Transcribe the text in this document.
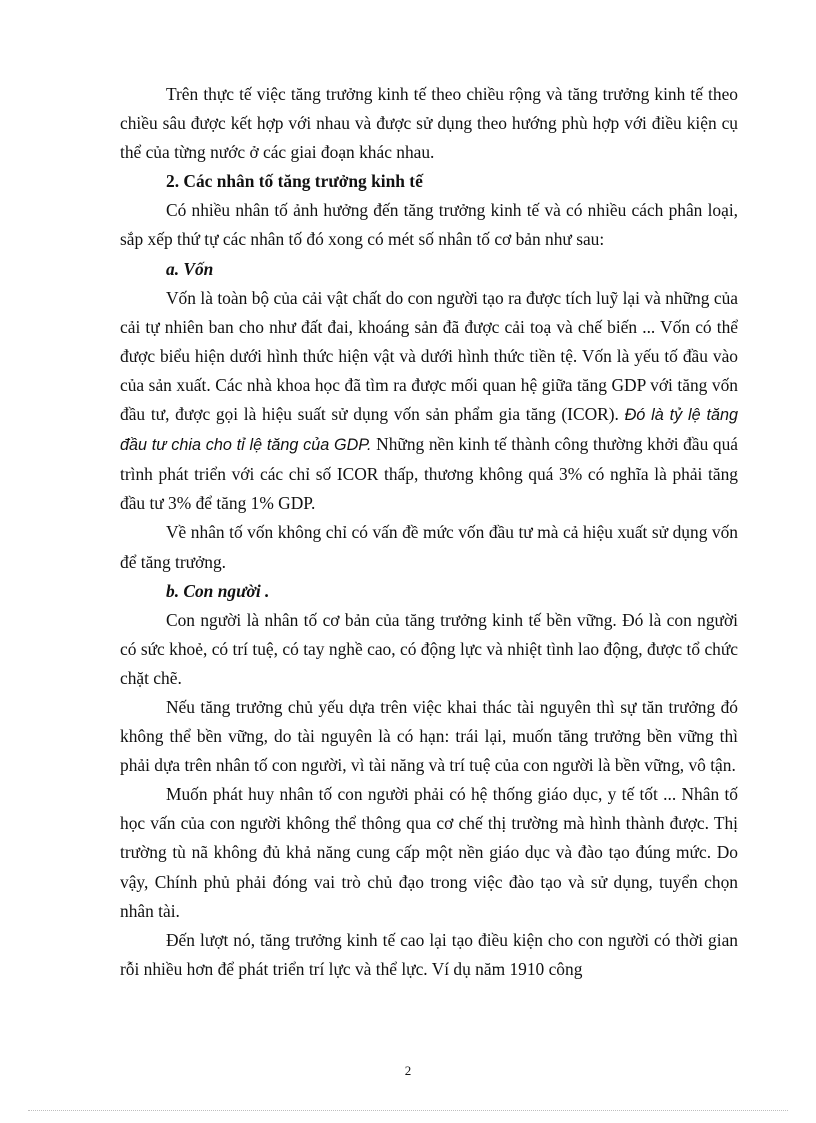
Trên thực tế việc tăng trưởng kinh tế theo chiều rộng và tăng trưởng kinh tế theo chiều sâu được kết hợp với nhau và được sử dụng theo hướng phù hợp với điều kiện cụ thể của từng nước ở các giai đoạn khác nhau.

2. Các nhân tố tăng trưởng kinh tế

Có nhiều nhân tố ảnh hưởng đến tăng trưởng kinh tế và có nhiều cách phân loại, sắp xếp thứ tự các nhân tố đó xong có mét số nhân tố cơ bản như sau:

a. Vốn

Vốn là toàn bộ của cải vật chất do con người tạo ra được tích luỹ lại và những của cải tự nhiên ban cho như đất đai, khoáng sản đã được cải toạ và chế biến ... Vốn có thể được biểu hiện dưới hình thức hiện vật và dưới hình thức tiền tệ. Vốn là yếu tố đầu vào của sản xuất. Các nhà khoa học đã tìm ra được mối quan hệ giữa tăng GDP với tăng vốn đầu tư, được gọi là hiệu suất sử dụng vốn sản phẩm gia tăng (ICOR). Đó là tỷ lệ tăng đầu tư chia cho tỉ lệ tăng của GDP. Những nền kinh tế thành công thường khởi đầu quá trình phát triển với các chỉ số ICOR thấp, thương không quá 3% có nghĩa là phải tăng đầu tư 3% để tăng 1% GDP.

Về nhân tố vốn không chỉ có vấn đề mức vốn đầu tư mà cả hiệu xuất sử dụng vốn để tăng trưởng.

b. Con người .

Con người là nhân tố cơ bản của tăng trưởng kinh tế bền vững. Đó là con người có sức khoẻ, có trí tuệ, có tay nghề cao, có động lực và nhiệt tình lao động, được tổ chức chặt chẽ.

Nếu tăng trưởng chủ yếu dựa trên việc khai thác tài nguyên thì sự tăn trưởng đó không thể bền vững, do tài nguyên là có hạn: trái lại, muốn tăng trưởng bền vững thì phải dựa trên nhân tố con người, vì tài năng và trí tuệ của con người là bền vững, vô tận.

Muốn phát huy nhân tố con người phải có hệ thống giáo dục, y tế tốt ... Nhân tố học vấn của con người không thể thông qua cơ chế thị trường mà hình thành được. Thị trường tù nã không đủ khả năng cung cấp một nền giáo dục và đào tạo đúng mức. Do vậy, Chính phủ phải đóng vai trò chủ đạo trong việc đào tạo và sử dụng, tuyển chọn nhân tài.

Đến lượt nó, tăng trưởng kinh tế cao lại tạo điều kiện cho con người có thời gian rỗi nhiều hơn để phát triển trí lực và thể lực. Ví dụ năm 1910 công

2
